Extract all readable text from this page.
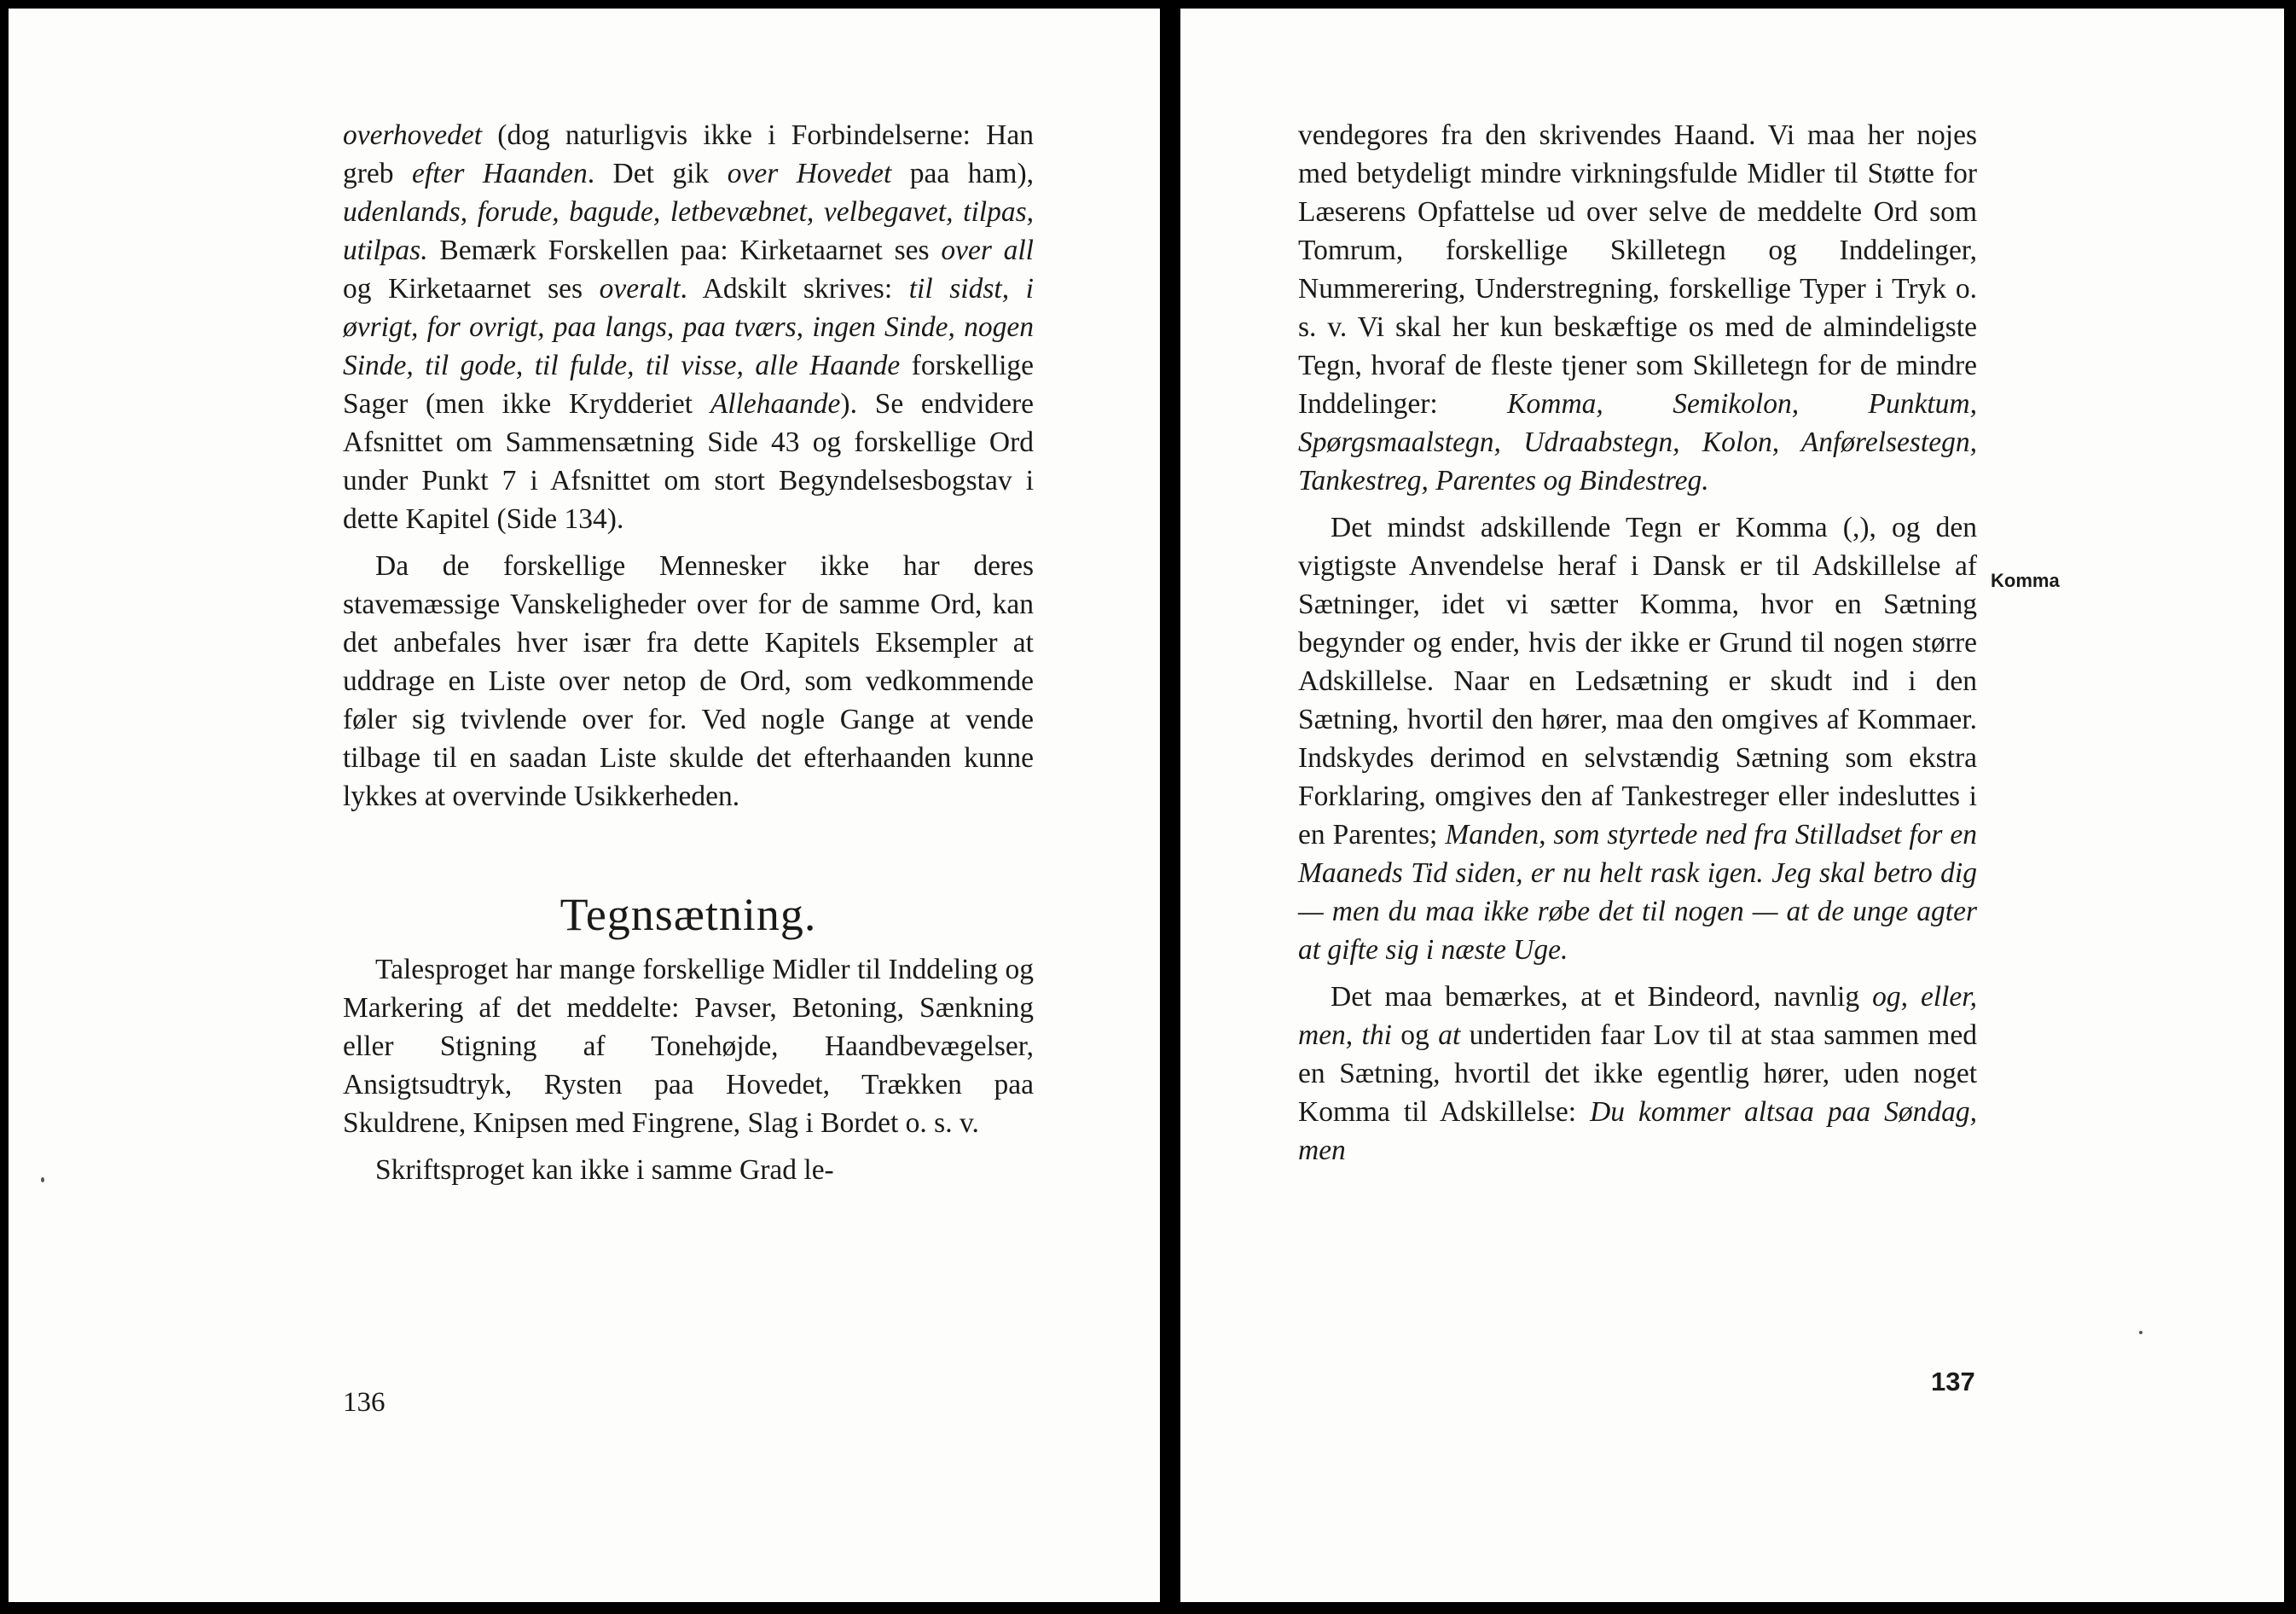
overhovedet (dog naturligvis ikke i Forbindelserne: Han greb efter Haanden. Det gik over Hovedet paa ham), udenlands, forude, bagude, letbevæbnet, velbegavet, tilpas, utilpas. Bemærk Forskellen paa: Kirketaarnet ses over all og Kirketaarnet ses overalt. Adskilt skrives: til sidst, i øvrigt, for ovrigt, paa langs, paa tværs, ingen Sinde, nogen Sinde, til gode, til fulde, til visse, alle Haande forskellige Sager (men ikke Krydderiet Allehaande). Se endvidere Afsnittet om Sammensætning Side 43 og forskellige Ord under Punkt 7 i Afsnittet om stort Begyndelsesbogstav i dette Kapitel (Side 134).

Da de forskellige Mennesker ikke har deres stavemæssige Vanskeligheder over for de samme Ord, kan det anbefales hver især fra dette Kapitels Eksempler at uddrage en Liste over netop de Ord, som vedkommende føler sig tvivlende over for. Ved nogle Gange at vende tilbage til en saadan Liste skulde det efterhaanden kunne lykkes at overvinde Usikkerheden.

Tegnsætning.

Talesproget har mange forskellige Midler til Inddeling og Markering af det meddelte: Pavser, Betoning, Sænkning eller Stigning af Tonehøjde, Haandbevægelser, Ansigtsudtryk, Rysten paa Hovedet, Trækken paa Skuldrene, Knipsen med Fingrene, Slag i Bordet o. s. v.

Skriftsproget kan ikke i samme Grad le-

136

vendegores fra den skrivendes Haand. Vi maa her nojes med betydeligt mindre virkningsfulde Midler til Støtte for Læserens Opfattelse ud over selve de meddelte Ord som Tomrum, forskellige Skilletegn og Inddelinger, Nummerering, Understregning, forskellige Typer i Tryk o. s. v. Vi skal her kun beskæftige os med de almindeligste Tegn, hvoraf de fleste tjener som Skilletegn for de mindre Inddelinger: Komma, Semikolon, Punktum, Spørgsmaalstegn, Udraabstegn, Kolon, Anførelsestegn, Tankestreg, Parentes og Bindestreg.

Det mindst adskillende Tegn er Komma (,), og den vigtigste Anvendelse heraf i Dansk er til Adskillelse af Sætninger, idet vi sætter Komma, hvor en Sætning begynder og ender, hvis der ikke er Grund til nogen større Adskillelse. Naar en Ledsætning er skudt ind i den Sætning, hvortil den hører, maa den omgives af Kommaer. Indskydes derimod en selvstændig Sætning som ekstra Forklaring, omgives den af Tankestreger eller indesluttes i en Parentes; Manden, som styrtede ned fra Stilladset for en Maaneds Tid siden, er nu helt rask igen. Jeg skal betro dig — men du maa ikke røbe det til nogen — at de unge agter at gifte sig i næste Uge.

Det maa bemærkes, at et Bindeord, navnlig og, eller, men, thi og at undertiden faar Lov til at staa sammen med en Sætning, hvortil det ikke egentlig hører, uden noget Komma til Adskillelse: Du kommer altsaa paa Søndag, men

Komma
137
